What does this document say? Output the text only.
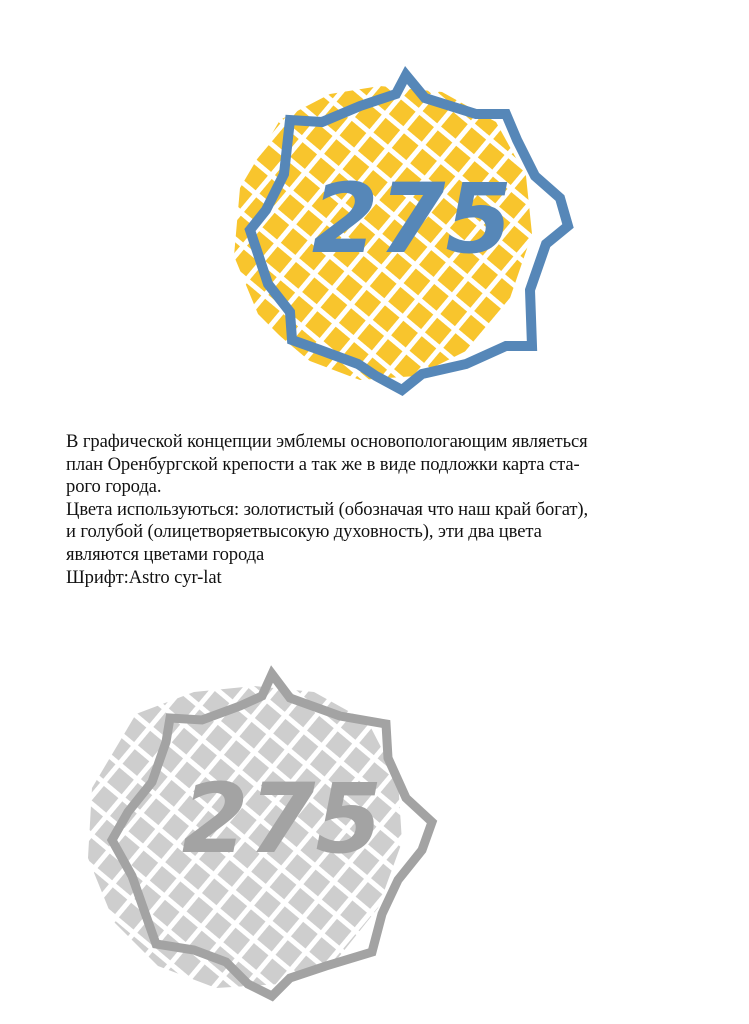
275
В графической концепции эмблемы основопологающим являеться
план Оренбургской крепости а так же в виде подложки карта ста-
рого города.
Цвета используються: золотистый (обозначая что наш край богат),
и голубой (олицетворяетвысокую духовность), эти два цвета
являются цветами города
Шрифт:Astro cyr-lat
275
